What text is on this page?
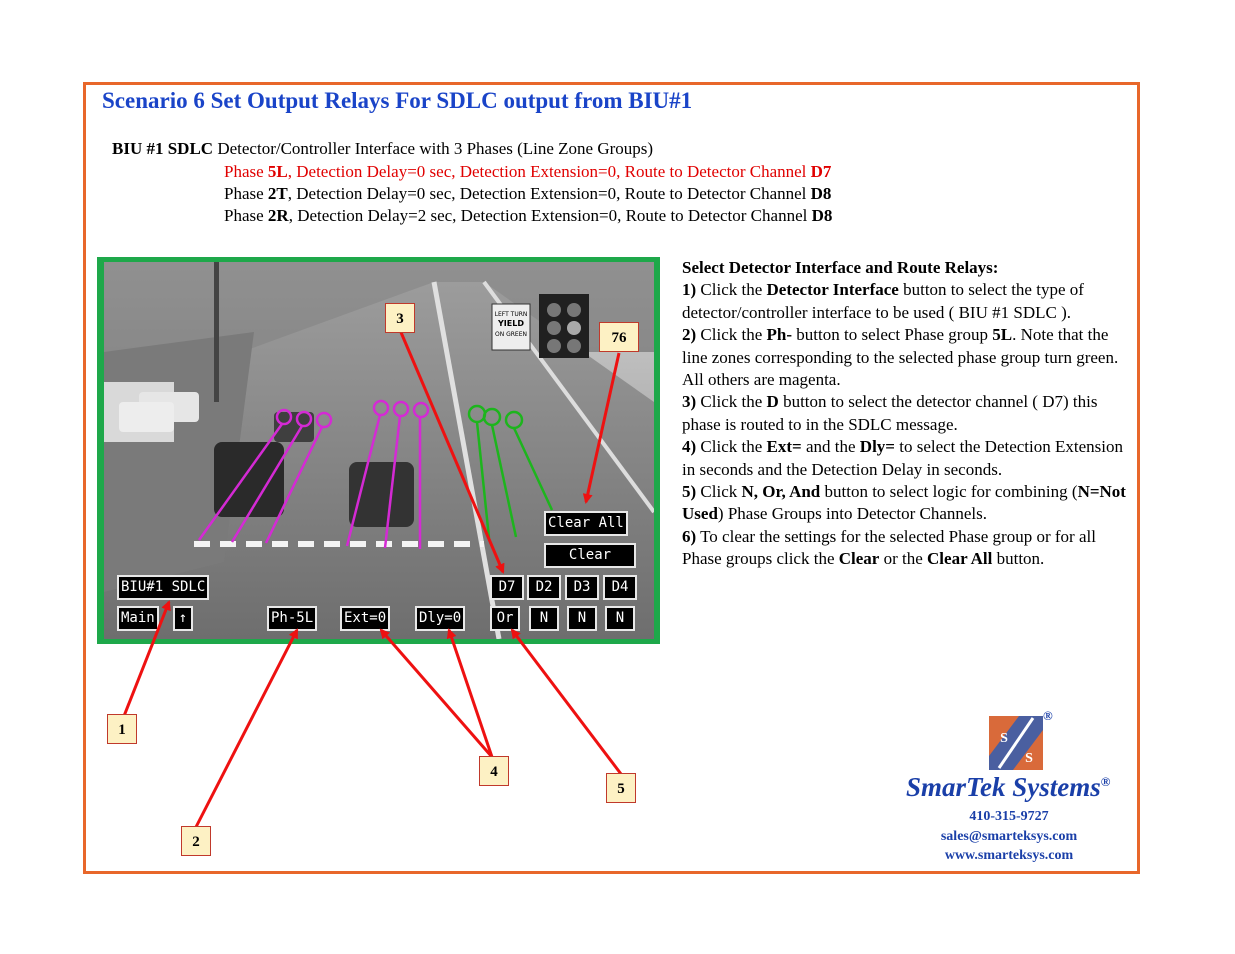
Scenario 6 Set Output Relays For SDLC output from BIU#1
BIU #1 SDLC Detector/Controller Interface with 3 Phases (Line Zone Groups)
Phase 5L, Detection Delay=0 sec, Detection Extension=0, Route to Detector Channel D7
Phase 2T, Detection Delay=0 sec, Detection Extension=0, Route to Detector Channel D8
Phase 2R, Detection Delay=2 sec, Detection Extension=0, Route to Detector Channel D8

Select Detector Interface and Route Relays:

1) Click the Detector Interface button to select the type of detector/controller interface to be used ( BIU #1 SDLC ).

2) Click the Ph- button to select Phase group 5L. Note that the line zones corresponding to the selected phase group turn green. All others are magenta.

3) Click the D button to select the detector channel ( D7) this phase is routed to in the SDLC message.

4) Click the Ext= and the Dly= to select the Detection Extension in seconds and the Detection Delay in seconds.

5) Click N, Or, And button to select logic for combining (N=Not Used) Phase Groups into Detector Channels.

6) To clear the settings for the selected Phase group or for all Phase groups click the Clear or the Clear All button.

LEFT TURN
YIELD
ON GREEN
Clear All
Clear
D7	D2	D3	D4
BIU#1 SDLC
Main	↑	Ph-5L Ext=0 Dly=0	Or	N	N	N
1
2
3
4
5
76
S
S
®
SmarTek Systems®
410-315-9727
sales@smarteksys.com
www.smarteksys.com
